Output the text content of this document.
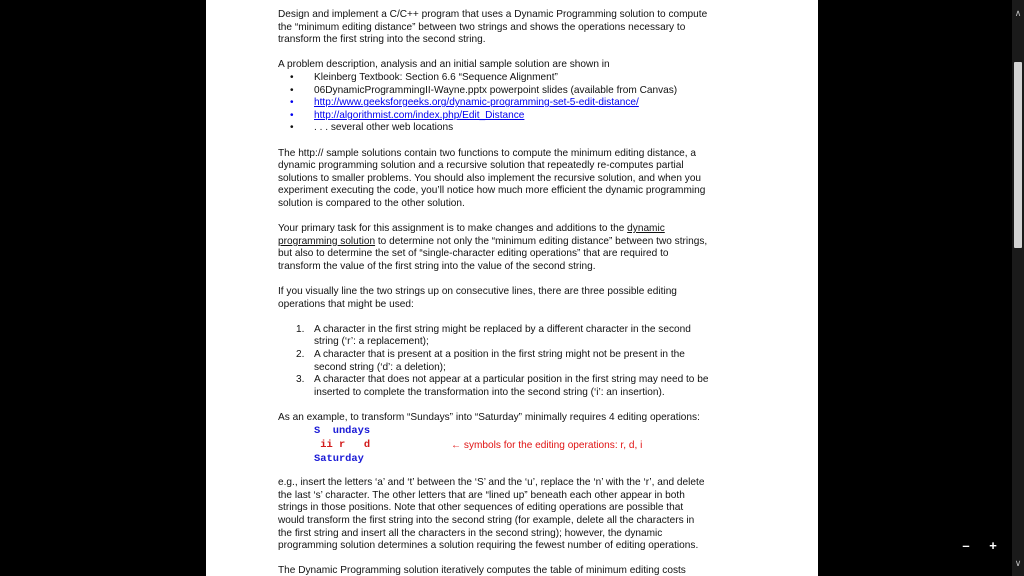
Design and implement a C/C++ program that uses a Dynamic Programming solution to compute

the “minimum editing distance” between two strings and shows the operations necessary to

transform the first string into the second string.

A problem description, analysis and an initial sample solution are shown in

• Kleinberg Textbook: Section 6.6 “Sequence Alignment”
• 06DynamicProgrammingII-Wayne.pptx powerpoint slides (available from Canvas)
• http://www.geeksforgeeks.org/dynamic-programming-set-5-edit-distance/
• http://algorithmist.com/index.php/Edit_Distance
• . . . several other web locations

The http:// sample solutions contain two functions to compute the minimum editing distance, a

dynamic programming solution and a recursive solution that repeatedly re-computes partial

solutions to smaller problems. You should also implement the recursive solution, and when you

experiment executing the code, you’ll notice how much more efficient the dynamic programming

solution is compared to the other solution.

Your primary task for this assignment is to make changes and additions to the dynamic

programming solution to determine not only the “minimum editing distance” between two strings,

but also to determine the set of “single-character editing operations” that are required to

transform the value of the first string into the value of the second string.

If you visually line the two strings up on consecutive lines, there are three possible editing

operations that might be used:

1. A character in the first string might be replaced by a different character in the second

string (‘r’: a replacement);

2. A character that is present at a position in the first string might not be present in the

second string (‘d’: a deletion);

3. A character that does not appear at a particular position in the first string may need to be

inserted to complete the transformation into the second string (‘i’: an insertion).

As an example, to transform “Sundays” into “Saturday” minimally requires 4 editing operations:

S  undays
ii r   d
Saturday
← symbols for the editing operations: r, d, i

e.g., insert the letters ‘a’ and ‘t’ between the ‘S’ and the ‘u’, replace the ‘n’ with the ‘r’, and delete

the last ‘s’ character. The other letters that are “lined up” beneath each other appear in both

strings in those positions. Note that other sequences of editing operations are possible that

would transform the first string into the second string (for example, delete all the characters in

the first string and insert all the characters in the second string); however, the dynamic

programming solution determines a solution requiring the fewest number of editing operations.

The Dynamic Programming solution iteratively computes the table of minimum editing costs

–	+
∧
∨
